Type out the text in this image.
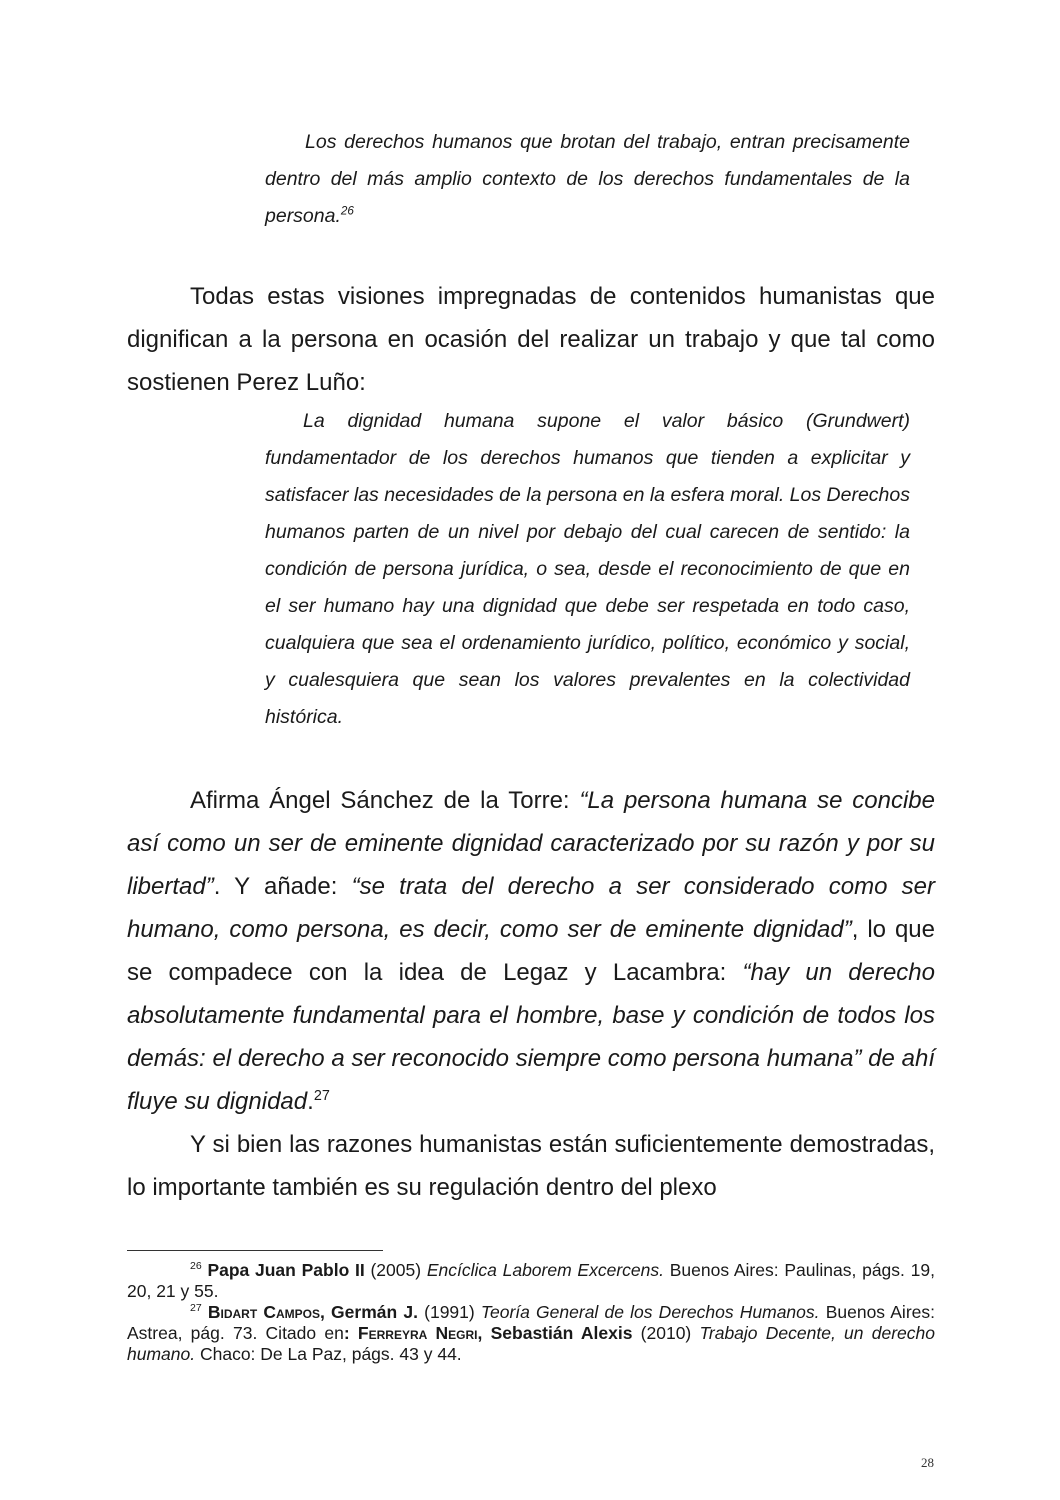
Los derechos humanos que brotan del trabajo, entran precisamente dentro del más amplio contexto de los derechos fundamentales de la persona.$^{26}$

Todas estas visiones impregnadas de contenidos humanistas que dignifican a la persona en ocasión del realizar un trabajo y que tal como sostienen Perez Luño:

La dignidad humana supone el valor básico (Grundwert) fundamentador de los derechos humanos que tienden a explicitar y satisfacer las necesidades de la persona en la esfera moral. Los Derechos humanos parten de un nivel por debajo del cual carecen de sentido: la condición de persona jurídica, o sea, desde el reconocimiento de que en el ser humano hay una dignidad que debe ser respetada en todo caso, cualquiera que sea el ordenamiento jurídico, político, económico y social, y cualesquiera que sean los valores prevalentes en la colectividad histórica.

Afirma Ángel Sánchez de la Torre: “La persona humana se concibe así como un ser de eminente dignidad caracterizado por su razón y por su libertad”. Y añade: “se trata del derecho a ser considerado como ser humano, como persona, es decir, como ser de eminente dignidad”, lo que se compadece con la idea de Legaz y Lacambra: “hay un derecho absolutamente fundamental para el hombre, base y condición de todos los demás: el derecho a ser reconocido siempre como persona humana” de ahí fluye su dignidad.$^{27}$

Y si bien las razones humanistas están suficientemente demostradas, lo importante también es su regulación dentro del plexo

$^{26}$ Papa Juan Pablo II (2005) Encíclica Laborem Excercens. Buenos Aires: Paulinas, págs. 19, 20, 21 y 55.

$^{27}$ Bidart Campos, Germán J. (1991) Teoría General de los Derechos Humanos. Buenos Aires: Astrea, pág. 73. Citado en: Ferreyra Negri, Sebastián Alexis (2010) Trabajo Decente, un derecho humano. Chaco: De La Paz, págs. 43 y 44.

28
